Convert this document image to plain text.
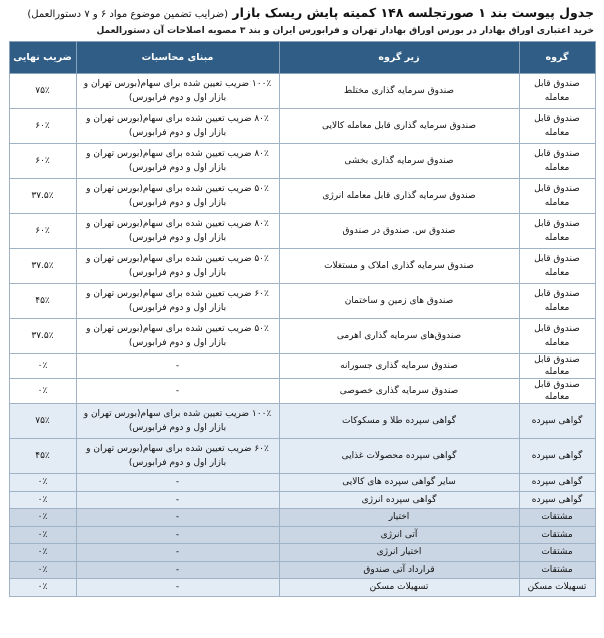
جدول پیوست بند ۱ صورتجلسه ۱۴۸ کمیته پایش ریسک بازار (ضرایب تضمین موضوع مواد ۶ و ۷ دستورالعمل)
خرید اعتباری اوراق بهادار در بورس اوراق بهادار تهران و فرابورس ایران و بند ۳ مصوبه اصلاحات آن دستورالعمل
گروه	زیر گروه	مبنای محاسبات	ضریب نهایی
صندوق قابل معامله	صندوق سرمایه گذاری مختلط	۱۰۰٪ ضریب تعیین شده برای سهام(بورس تهران و بازار اول و دوم فرابورس)	۷۵٪
صندوق قابل معامله	صندوق سرمایه گذاری قابل معامله کالایی	۸۰٪ ضریب تعیین شده برای سهام(بورس تهران و بازار اول و دوم فرابورس)	۶۰٪
صندوق قابل معامله	صندوق سرمایه گذاری بخشی	۸۰٪ ضریب تعیین شده برای سهام(بورس تهران و بازار اول و دوم فرابورس)	۶۰٪
صندوق قابل معامله	صندوق سرمایه گذاری قابل معامله انرژی	۵۰٪ ضریب تعیین شده برای سهام(بورس تهران و بازار اول و دوم فرابورس)	۳۷.۵٪
صندوق قابل معامله	صندوق س. صندوق در صندوق	۸۰٪ ضریب تعیین شده برای سهام(بورس تهران و بازار اول و دوم فرابورس)	۶۰٪
صندوق قابل معامله	صندوق سرمایه گذاری املاک و مستغلات	۵۰٪ ضریب تعیین شده برای سهام(بورس تهران و بازار اول و دوم فرابورس)	۳۷.۵٪
صندوق قابل معامله	صندوق های زمین و ساختمان	۶۰٪ ضریب تعیین شده برای سهام(بورس تهران و بازار اول و دوم فرابورس)	۴۵٪
صندوق قابل معامله	صندوق‌های سرمایه گذاری اهرمی	۵۰٪ ضریب تعیین شده برای سهام(بورس تهران و بازار اول و دوم فرابورس)	۳۷.۵٪
صندوق قابل معامله	صندوق سرمایه گذاری جسورانه	-	۰٪
صندوق قابل معامله	صندوق سرمایه گذاری خصوصی	-	۰٪
گواهی سپرده	گواهی سپرده طلا و مسکوکات	۱۰۰٪ ضریب تعیین شده برای سهام(بورس تهران و بازار اول و دوم فرابورس)	۷۵٪
گواهی سپرده	گواهی سپرده محصولات غذایی	۶۰٪ ضریب تعیین شده برای سهام(بورس تهران و بازار اول و دوم فرابورس)	۴۵٪
گواهی سپرده	سایر گواهی سپرده های کالایی	-	۰٪
گواهی سپرده	گواهی سپرده انرژی	-	۰٪
مشتقات	اختیار	-	۰٪
مشتقات	آتی انرژی	-	۰٪
مشتقات	اختیار انرژی	-	۰٪
مشتقات	قرارداد آتی صندوق	-	۰٪
تسهیلات مسکن	تسهیلات مسکن	-	۰٪
